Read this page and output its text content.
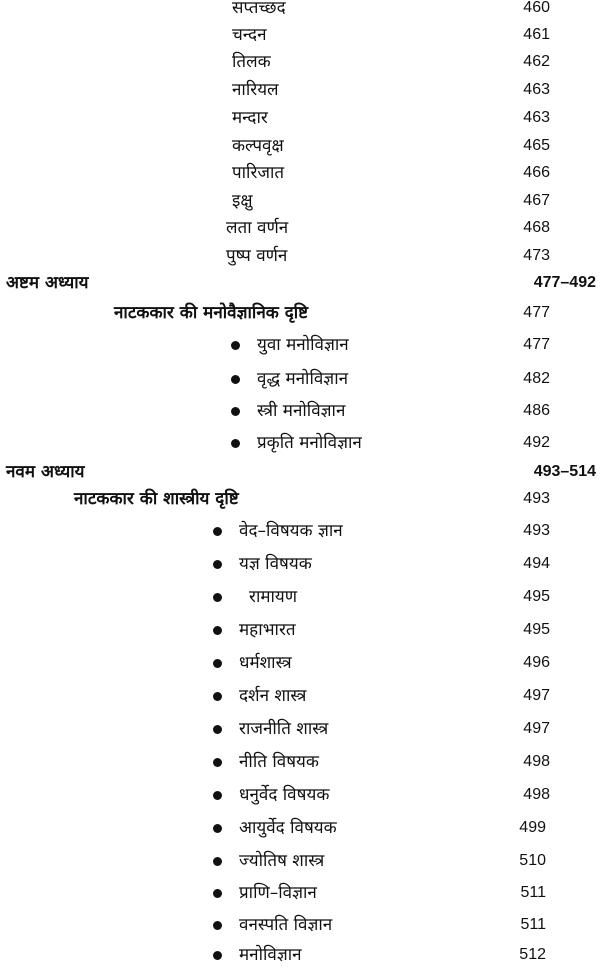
सप्तच्छद	460
चन्दन	461
तिलक	462
नारियल	463
मन्दार	463
कल्पवृक्ष	465
पारिजात	466
इक्षु	467
लता वर्णन	468
पुष्प वर्णन	473
अष्टम अध्याय	477–492
नाटककार की मनोवैज्ञानिक दृष्टि	477
युवा मनोविज्ञान	477
वृद्ध मनोविज्ञान	482
स्त्री मनोविज्ञान	486
प्रकृति मनोविज्ञान	492
नवम अध्याय	493–514
नाटककार की शास्त्रीय दृष्टि	493
वेद–विषयक ज्ञान	493
यज्ञ विषयक	494
रामायण	495
महाभारत	495
धर्मशास्त्र	496
दर्शन शास्त्र	497
राजनीति शास्त्र	497
नीति विषयक	498
धनुर्वेद विषयक	498
आयुर्वेद विषयक	499
ज्योतिष शास्त्र	510
प्राणि–विज्ञान	511
वनस्पति विज्ञान	511
मनोविज्ञान	512
